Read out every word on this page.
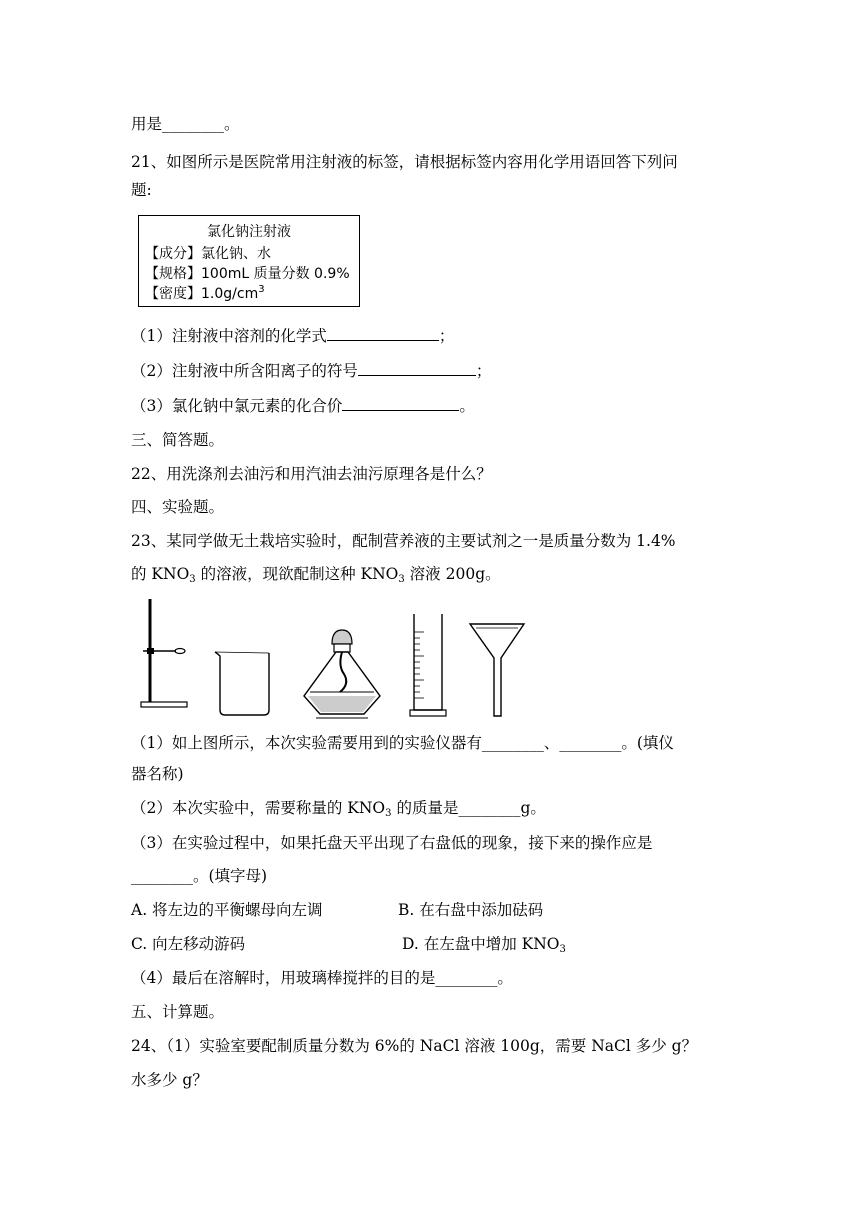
用是________。
21、如图所示是医院常用注射液的标签，请根据标签内容用化学用语回答下列问
题:
氯化钠注射液
【成分】氯化钠、水
【规格】100mL 质量分数 0.9%
【密度】$1.0g/cm^3$
（1）注射液中溶剂的化学式	；
（2）注射液中所含阳离子的符号	；
（3）氯化钠中氯元素的化合价	。
三、简答题。
22、用洗涤剂去油污和用汽油去油污原理各是什么？
四、实验题。
23、某同学做无土栽培实验时，配制营养液的主要试剂之一是质量分数为 1.4%
的 $KNO_3$ 的溶液，现欲配制这种 $KNO_3$ 溶液 200g。
（1）如上图所示，本次实验需要用到的实验仪器有________、________。(填仪
器名称)
（2）本次实验中，需要称量的 $KNO_3$ 的质量是________g。
（3）在实验过程中，如果托盘天平出现了右盘低的现象，接下来的操作应是
________。(填字母)
A. 将左边的平衡螺母向左调	B. 在右盘中添加砝码
C. 向左移动游码	D. 在左盘中增加 $KNO_3$
（4）最后在溶解时，用玻璃棒搅拌的目的是________。
五、计算题。
24、（1）实验室要配制质量分数为 6%的 NaCl 溶液 100g，需要 NaCl 多少 g？
水多少 g？
